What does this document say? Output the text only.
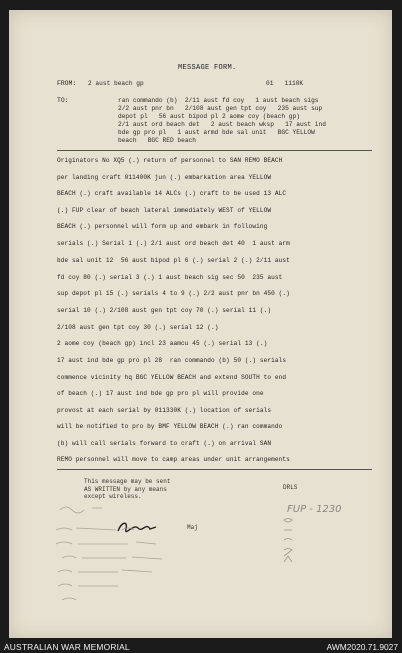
MESSAGE FORM.
FROM: 2 aust beach gp	01   1110K
TO:	ran commando (b)  2/11 aust fd coy   1 aust beach sigs
2/2 aust pnr bn   2/108 aust gen tpt coy   235 aust sup
depot pl   56 aust bipod pl 2 aome coy (beach gp)
2/1 aust ord beach det   2 aust beach wksp   17 aust ind
bde gp pro pl   1 aust armd bde sal unit   BGC YELLOW
beach   BGC RED beach
Originators No XQ5 (.) return of personnel to SAN REMO BEACH
per landing craft 011400K jun (.) embarkation area YELLOW
BEACH (.) craft available 14 ALCs (.) craft to be used 13 ALC
(.) FUP clear of beach lateral immediately WEST of YELLOW
BEACH (.) personnel will form up and embark in following
serials (.) Serial 1 (.) 2/1 aust ord beach det 40  1 aust arm
bde sal unit 12  56 aust bipod pl 6 (.) serial 2 (.) 2/11 aust
fd coy 80 (.) serial 3 (.) 1 aust beach sig sec 50  235 aust
sup depot pl 15 (.) serials 4 to 9 (.) 2/2 aust pnr bn 450 (.)
serial 10 (.) 2/108 aust gen tpt coy 70 (.) serial 11 (.)
2/108 aust gen tpt coy 30 (.) serial 12 (.)
2 aome coy (beach gp) incl 23 aamcu 45 (.) serial 13 (.)
17 aust ind bde gp pro pl 28  ran commando (b) 50 (.) serials
commence vicinity hq BGC YELLOW BEACH and extend SOUTH to end
of beach (.) 17 aust ind bde gp pro pl will provide one
provost at each serial by 011330K (.) location of serials
will be notified to pro by BMF YELLOW BEACH (.) ran commando
(b) will call serials forward to craft (.) on arrival SAN
REMO personnel will move to camp areas under unit arrangements
This message may be sent
AS WRITTEN by any means
except wireless.
DRLS
Maj
FUP - 1230
AUSTRALIAN WAR MEMORIAL	AWM2020.71.9027
